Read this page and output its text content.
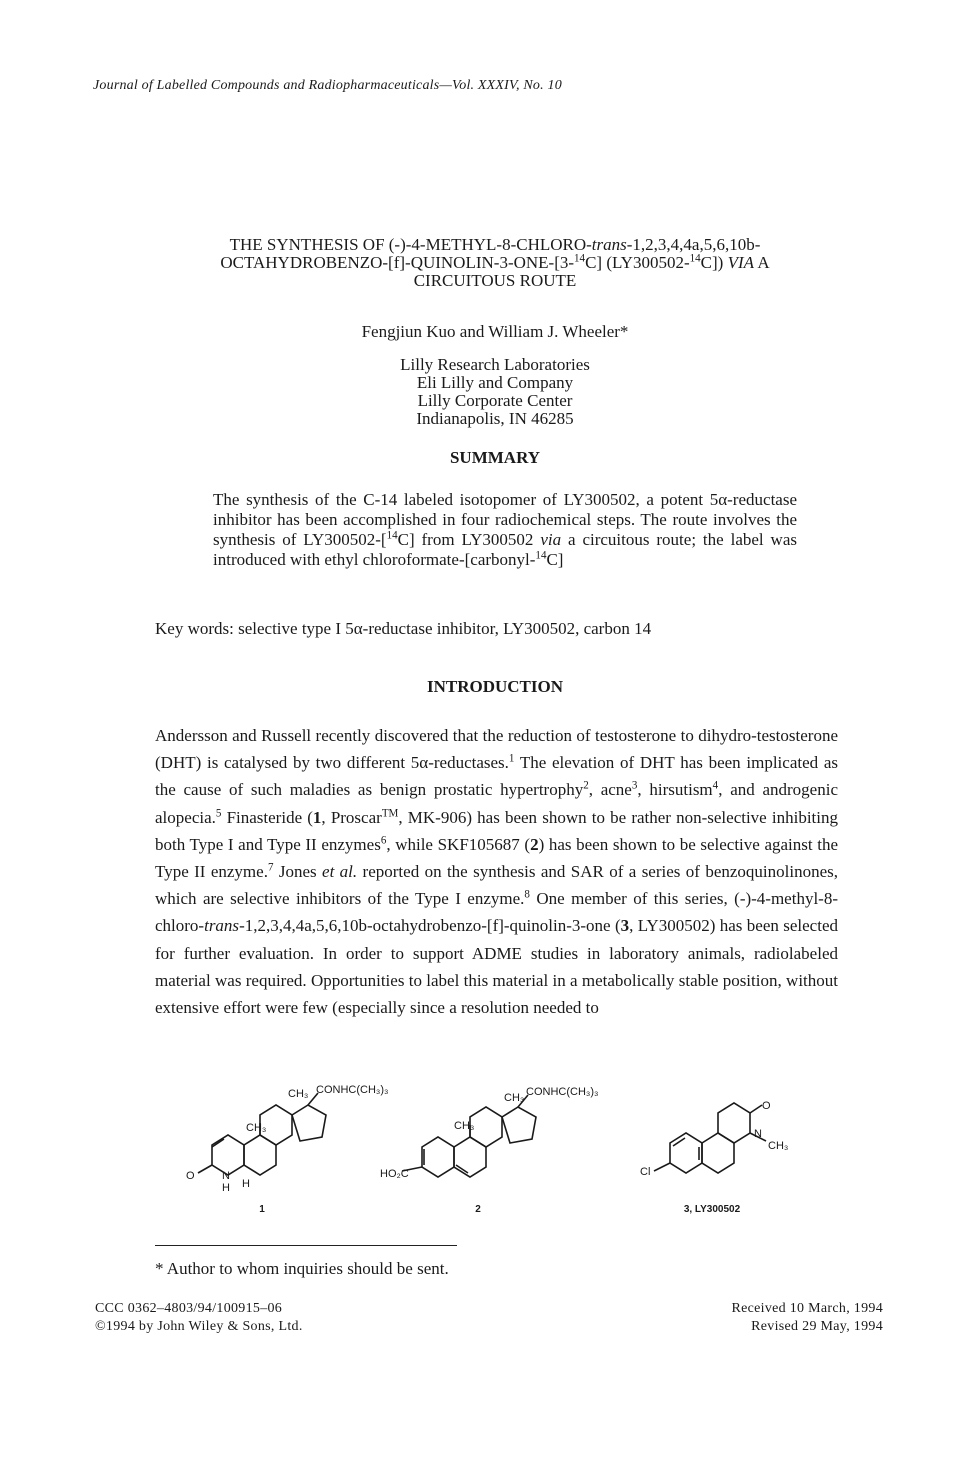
Journal of Labelled Compounds and Radiopharmaceuticals—Vol. XXXIV, No. 10
THE SYNTHESIS OF (-)-4-METHYL-8-CHLORO-trans-1,2,3,4,4a,5,6,10b-
OCTAHYDROBENZO-[f]-QUINOLIN-3-ONE-[3-$^{14}$C] (LY300502-$^{14}$C]) VIA A
CIRCUITOUS ROUTE
Fengjiun Kuo and William J. Wheeler*
Lilly Research Laboratories
Eli Lilly and Company
Lilly Corporate Center
Indianapolis, IN 46285
SUMMARY
The synthesis of the C-14 labeled isotopomer of LY300502, a potent 5α-reductase inhibitor has been accomplished in four radiochemical steps. The route involves the synthesis of LY300502-[$^{14}$C] from LY300502 via a circuitous route; the label was introduced with ethyl chloroformate-[carbonyl-$^{14}$C]
Key words: selective type I 5α-reductase inhibitor, LY300502, carbon 14
INTRODUCTION

Andersson and Russell recently discovered that the reduction of testosterone to dihydro-testosterone (DHT) is catalysed by two different 5α-reductases.$^1$ The elevation of DHT has been implicated as the cause of such maladies as benign prostatic hypertrophy$^2$, acne$^3$, hirsutism$^4$, and androgenic alopecia.$^5$ Finasteride (1, Proscar™, MK-906) has been shown to be rather non-selective inhibiting both Type I and Type II enzymes$^6$, while SKF105687 (2) has been shown to be selective against the Type II enzyme.$^7$ Jones et al. reported on the synthesis and SAR of a series of benzoquinolinones, which are selective inhibitors of the Type I enzyme.$^8$ One member of this series, (-)-4-methyl-8-chloro-trans-1,2,3,4,4a,5,6,10b-octahydrobenzo-[f]-quinolin-3-one (3, LY300502) has been selected for further evaluation. In order to support ADME studies in laboratory animals, radiolabeled material was required. Opportunities to label this material in a metabolically stable position, without extensive effort were few (especially since a resolution needed to

CH₃ CONHC(CH₃)₃
CH₃
O N
H H
CH₃ CONHC(CH₃)₃
CH₃
HO₂C
O
N
CH₃
Cl
1	2	3, LY300502
* Author to whom inquiries should be sent.
CCC 0362–4803/94/100915–06
©1994 by John Wiley & Sons, Ltd.
Received 10 March, 1994
Revised 29 May, 1994
